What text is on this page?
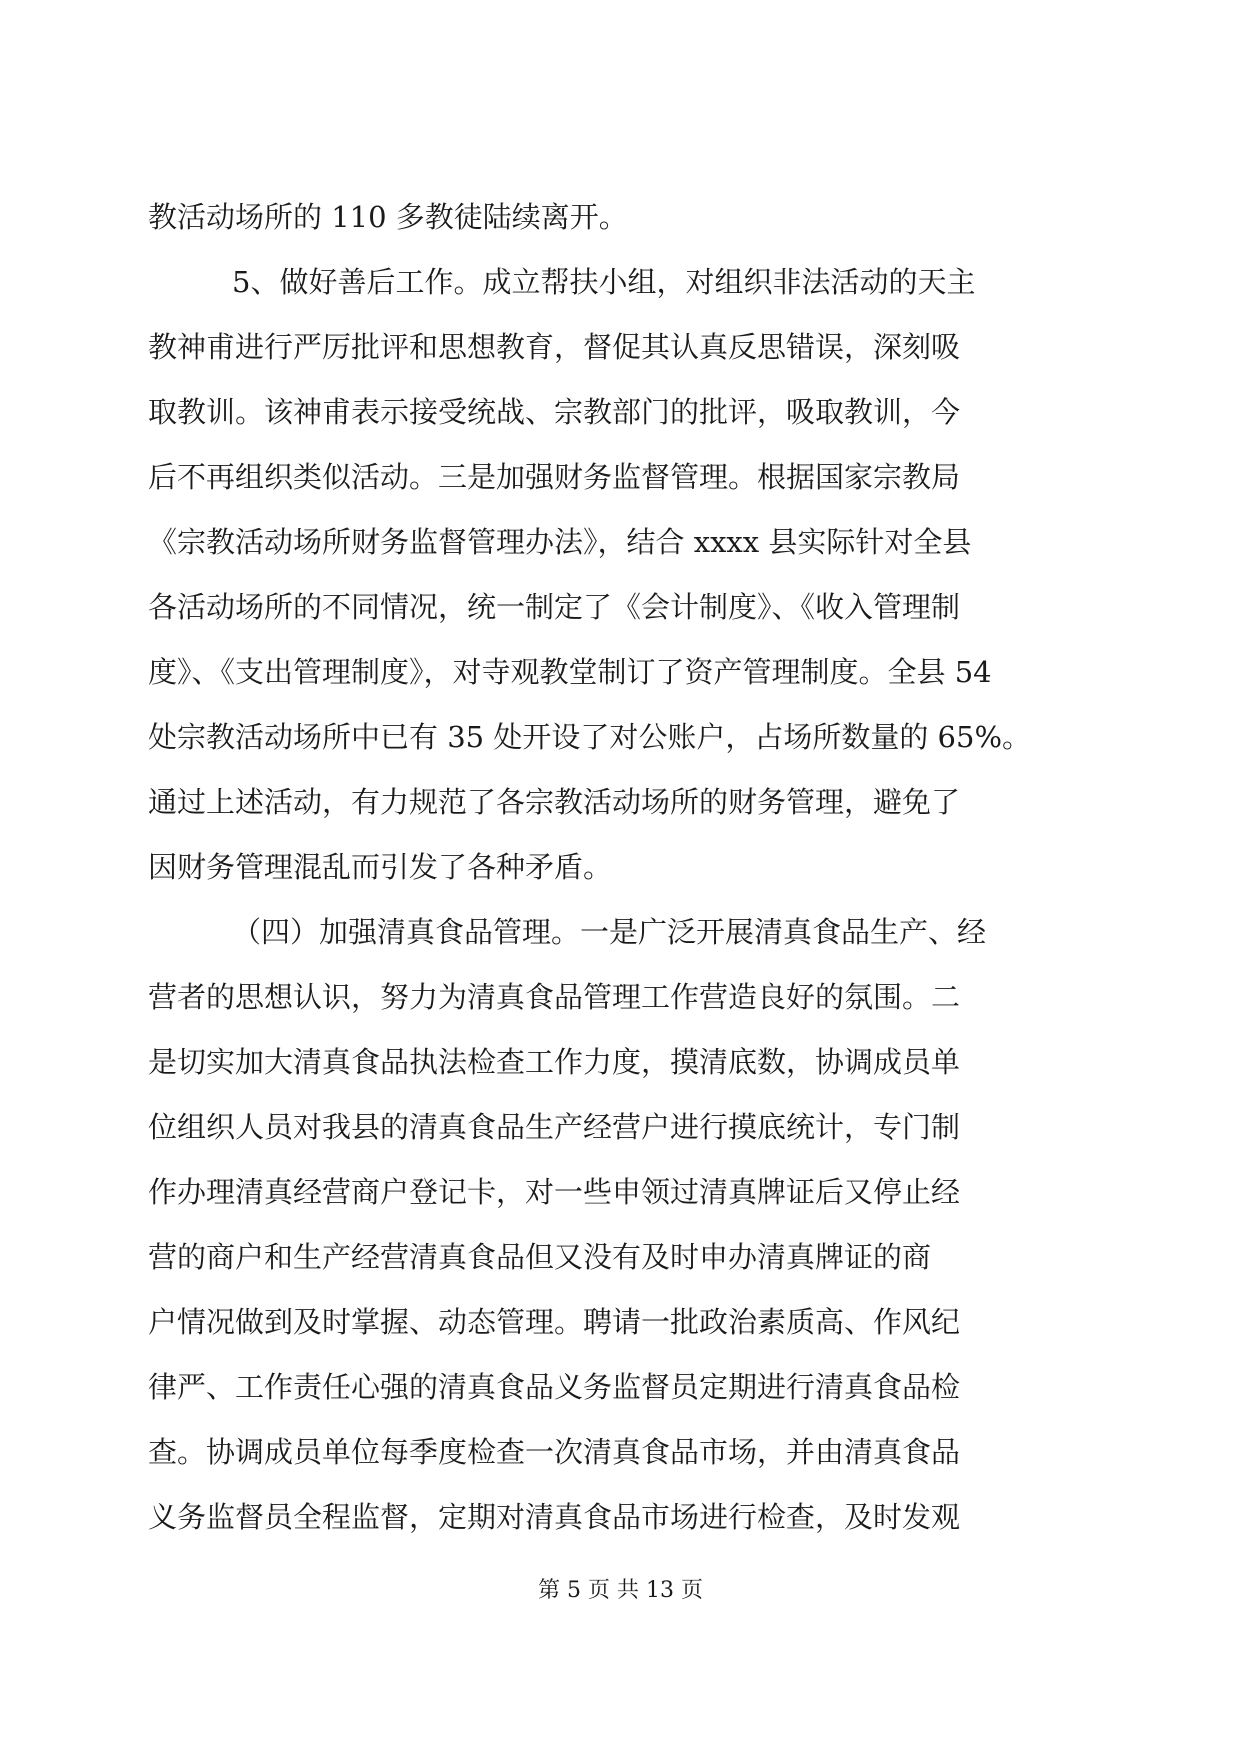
教活动场所的 110 多教徒陆续离开。
5、做好善后工作。成立帮扶小组，对组织非法活动的天主
教神甫进行严厉批评和思想教育，督促其认真反思错误，深刻吸
取教训。该神甫表示接受统战、宗教部门的批评，吸取教训，今
后不再组织类似活动。三是加强财务监督管理。根据国家宗教局
《宗教活动场所财务监督管理办法》，结合 xxxx 县实际针对全县
各活动场所的不同情况，统一制定了《会计制度》、《收入管理制
度》、《支出管理制度》，对寺观教堂制订了资产管理制度。全县 54
处宗教活动场所中已有 35 处开设了对公账户，占场所数量的 65%。
通过上述活动，有力规范了各宗教活动场所的财务管理，避免了
因财务管理混乱而引发了各种矛盾。
（四）加强清真食品管理。一是广泛开展清真食品生产、经
营者的思想认识，努力为清真食品管理工作营造良好的氛围。二
是切实加大清真食品执法检查工作力度，摸清底数，协调成员单
位组织人员对我县的清真食品生产经营户进行摸底统计，专门制
作办理清真经营商户登记卡，对一些申领过清真牌证后又停止经
营的商户和生产经营清真食品但又没有及时申办清真牌证的商
户情况做到及时掌握、动态管理。聘请一批政治素质高、作风纪
律严、工作责任心强的清真食品义务监督员定期进行清真食品检
查。协调成员单位每季度检查一次清真食品市场，并由清真食品
义务监督员全程监督，定期对清真食品市场进行检查，及时发观
第 5 页 共 13 页
